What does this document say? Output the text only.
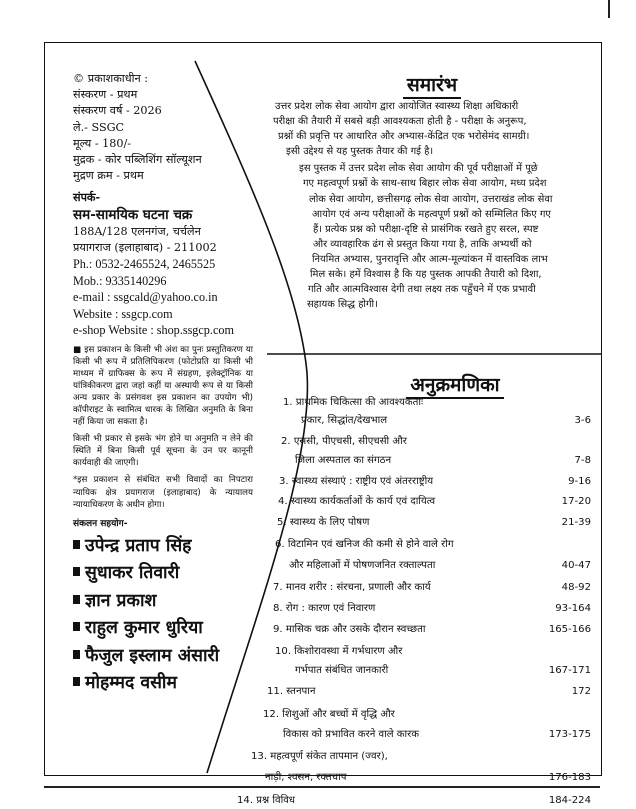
© प्रकाशकाधीन :
संस्करण - प्रथम
संस्करण वर्ष - 2026
ले.- SSGC
मूल्य - 180/-
मुद्रक - कोर पब्लिशिंग सॉल्यूशन
मुद्रण क्रम - प्रथम
संपर्क-
सम-सामयिक घटना चक्र
188A/128 एलनगंज, चर्चलेन
प्रयागराज (इलाहाबाद) - 211002
Ph.: 0532-2465524, 2465525
Mob.: 9335140296
e-mail : ssgcald@yahoo.co.in
Website : ssgcp.com
e-shop Website : shop.ssgcp.com

■ इस प्रकाशन के किसी भी अंश का पुनः प्रस्तुतिकरण या किसी भी रूप में प्रतिलिपिकरण (फोटोप्रति या किसी भी माध्यम में ग्राफिक्स के रूप में संग्रहण, इलेक्ट्रॉनिक या यांत्रिकीकरण द्वारा जहां कहीं या अस्थायी रूप से या किसी अन्य प्रकार के प्रसंगवश इस प्रकाशन का उपयोग भी) कॉपीराइट के स्वामित्व धारक के लिखित अनुमति के बिना नहीं किया जा सकता है।

किसी भी प्रकार से इसके भंग होने या अनुमति न लेने की स्थिति में बिना किसी पूर्व सूचना के उन पर कानूनी कार्यवाही की जाएगी।

*इस प्रकाशन से संबंधित सभी विवादों का निपटारा न्यायिक क्षेत्र प्रयागराज (इलाहाबाद) के न्यायालय न्यायाधिकरण के अधीन होगा।

संकलन सहयोग-
उपेन्द्र प्रताप सिंह
सुधाकर तिवारी
ज्ञान प्रकाश
राहुल कुमार धुरिया
फैजुल इस्लाम अंसारी
मोहम्मद वसीम
समारंभ
उत्तर प्रदेश लोक सेवा आयोग द्वारा आयोजित स्वास्थ्य शिक्षा अधिकारी
परीक्षा की तैयारी में सबसे बड़ी आवश्यकता होती है - परीक्षा के अनुरूप,
प्रश्नों की प्रवृत्ति पर आधारित और अभ्यास-केंद्रित एक भरोसेमंद सामग्री।
इसी उद्देश्य से यह पुस्तक तैयार की गई है।
इस पुस्तक में उत्तर प्रदेश लोक सेवा आयोग की पूर्व परीक्षाओं में पूछे
गए महत्वपूर्ण प्रश्नों के साथ-साथ बिहार लोक सेवा आयोग, मध्य प्रदेश
लोक सेवा आयोग, छत्तीसगढ़ लोक सेवा आयोग, उत्तराखंड लोक सेवा
आयोग एवं अन्य परीक्षाओं के महत्वपूर्ण प्रश्नों को सम्मिलित किए गए
हैं। प्रत्येक प्रश्न को परीक्षा-दृष्टि से प्रासंगिक रखते हुए सरल, स्पष्ट
और व्यावहारिक ढंग से प्रस्तुत किया गया है, ताकि अभ्यर्थी को
नियमित अभ्यास, पुनरावृत्ति और आत्म-मूल्यांकन में वास्तविक लाभ
मिल सके। हमें विश्वास है कि यह पुस्तक आपकी तैयारी को दिशा,
गति और आत्मविश्वास देगी तथा लक्ष्य तक पहुँचने में एक प्रभावी
सहायक सिद्ध होगी।
अनुक्रमणिका
1. प्राथमिक चिकित्सा की आवश्यकताः
प्रकार, सिद्धांत/देखभाल	3-6
2. एससी, पीएचसी, सीएचसी और
जिला अस्पताल का संगठन	7-8
3. स्वास्थ्य संस्थाएं : राष्ट्रीय एवं अंतरराष्ट्रीय	9-16
4. स्वास्थ्य कार्यकर्ताओं के कार्य एवं दायित्व	17-20
5. स्वास्थ्य के लिए पोषण	21-39
6. विटामिन एवं खनिज की कमी से होने वाले रोग
और महिलाओं में पोषणजनित रक्ताल्पता	40-47
7. मानव शरीर : संरचना, प्रणाली और कार्य	48-92
8. रोग : कारण एवं निवारण	93-164
9. मासिक चक्र और उसके दौरान स्वच्छता	165-166
10. किशोरावस्था में गर्भधारण और
गर्भपात संबंधित जानकारी	167-171
11. स्तनपान	172
12. शिशुओं और बच्चों में वृद्धि और
विकास को प्रभावित करने वाले कारक	173-175
13. महत्वपूर्ण संकेत तापमान (ज्वर),
नाड़ी, श्वसन, रक्तचाप	176-183
14. प्रश्न विविध	184-224
